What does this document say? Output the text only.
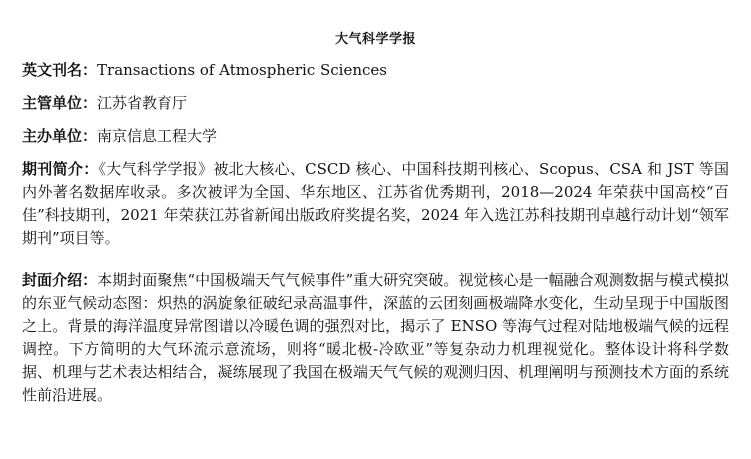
大气科学学报
英文刊名：Transactions of Atmospheric Sciences
主管单位：江苏省教育厅
主办单位：南京信息工程大学

期刊简介：《大气科学学报》被北大核心、CSCD 核心、中国科技期刊核心、Scopus、CSA 和 JST 等国内外著名数据库收录。多次被评为全国、华东地区、江苏省优秀期刊，2018—2024 年荣获中国高校“百佳”科技期刊，2021 年荣获江苏省新闻出版政府奖提名奖，2024 年入选江苏科技期刊卓越行动计划“领军期刊”项目等。

封面介绍：本期封面聚焦“中国极端天气气候事件”重大研究突破。视觉核心是一幅融合观测数据与模式模拟的东亚气候动态图：炽热的涡旋象征破纪录高温事件，深蓝的云团刻画极端降水变化，生动呈现于中国版图之上。背景的海洋温度异常图谱以冷暖色调的强烈对比，揭示了 ENSO 等海气过程对陆地极端气候的远程调控。下方简明的大气环流示意流场，则将“暖北极-冷欧亚”等复杂动力机理视觉化。整体设计将科学数据、机理与艺术表达相结合，凝练展现了我国在极端天气气候的观测归因、机理阐明与预测技术方面的系统性前沿进展。
